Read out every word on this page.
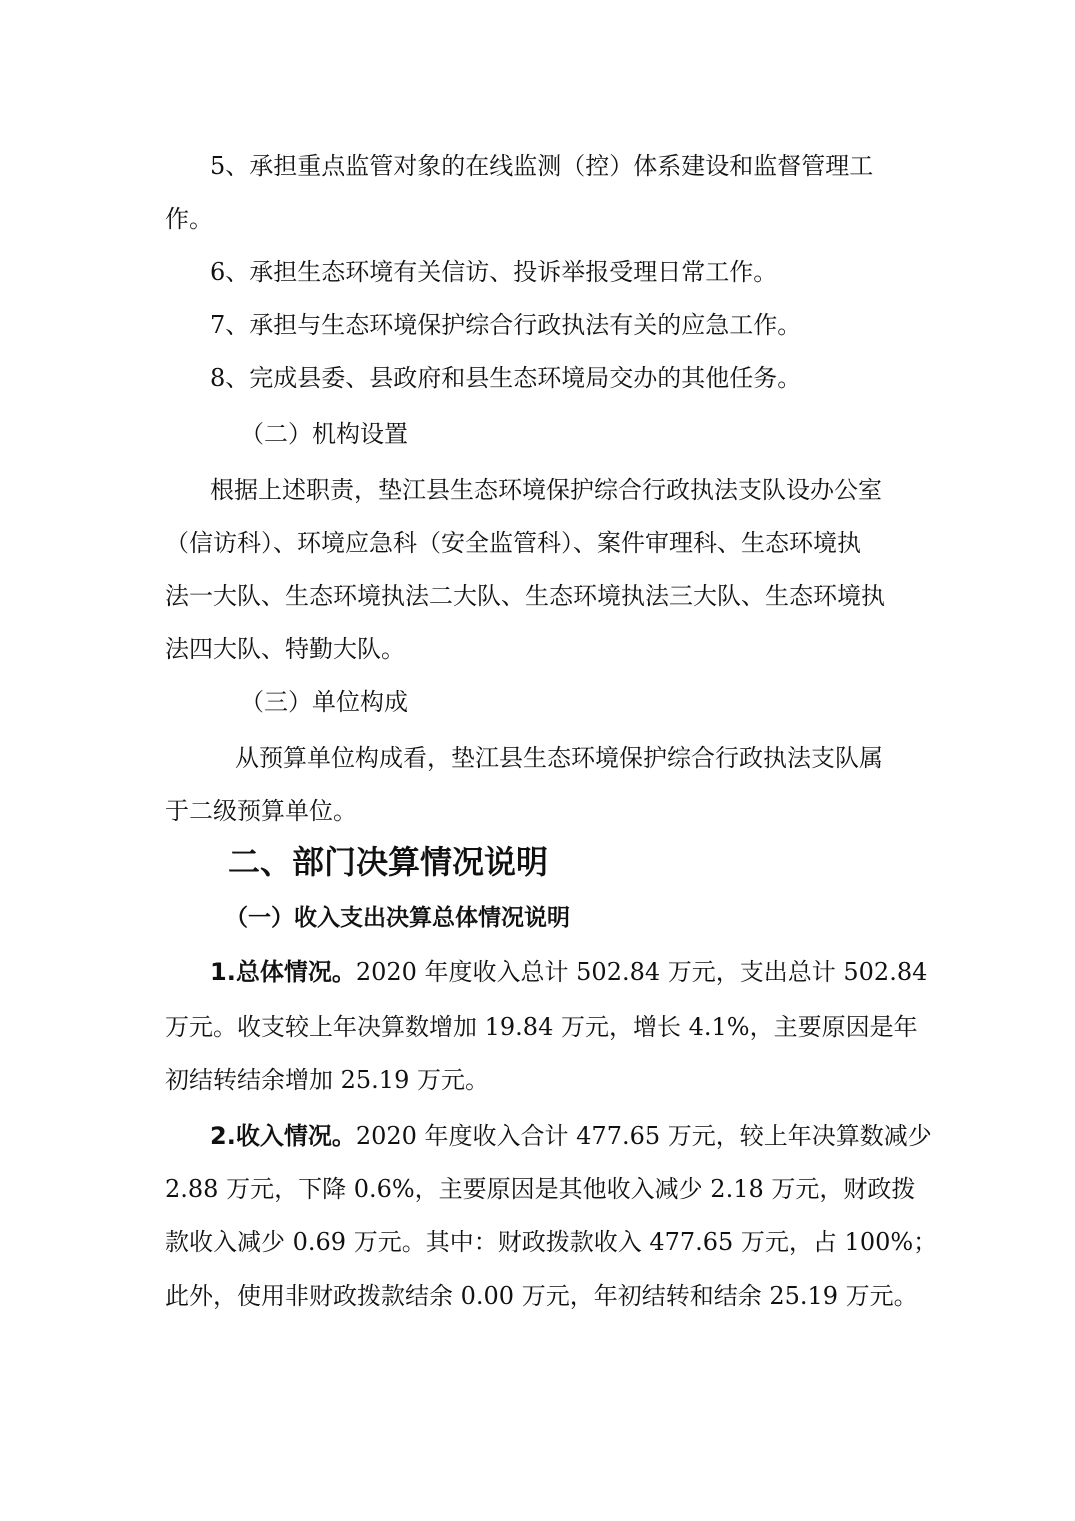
5、承担重点监管对象的在线监测（控）体系建设和监督管理工
作。
6、承担生态环境有关信访、投诉举报受理日常工作。
7、承担与生态环境保护综合行政执法有关的应急工作。
8、完成县委、县政府和县生态环境局交办的其他任务。
（二）机构设置
根据上述职责，垫江县生态环境保护综合行政执法支队设办公室
（信访科）、环境应急科（安全监管科）、案件审理科、生态环境执
法一大队、生态环境执法二大队、生态环境执法三大队、生态环境执
法四大队、特勤大队。
（三）单位构成
从预算单位构成看，垫江县生态环境保护综合行政执法支队属
于二级预算单位。
二、部门决算情况说明
（一）收入支出决算总体情况说明
1.总体情况。2020 年度收入总计 502.84 万元，支出总计 502.84
万元。收支较上年决算数增加 19.84 万元，增长 4.1%，主要原因是年
初结转结余增加 25.19 万元。
2.收入情况。2020 年度收入合计 477.65 万元，较上年决算数减少
2.88 万元，下降 0.6%，主要原因是其他收入减少 2.18 万元，财政拨
款收入减少 0.69 万元。其中：财政拨款收入 477.65 万元，占 100%；
此外，使用非财政拨款结余 0.00 万元，年初结转和结余 25.19 万元。
